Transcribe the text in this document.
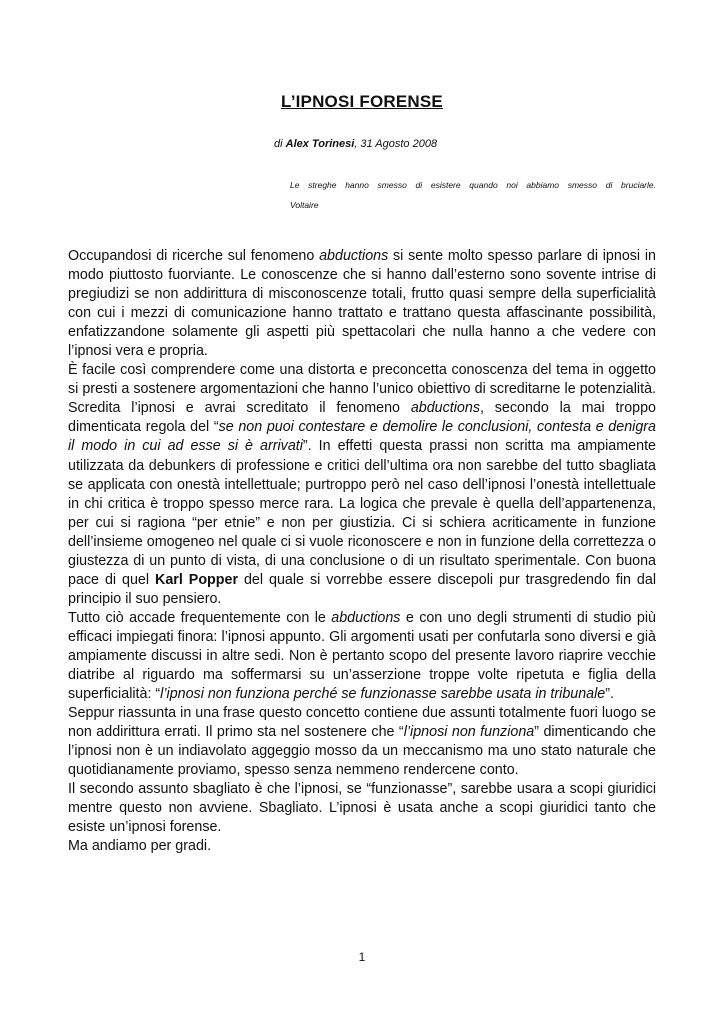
L’IPNOSI FORENSE
di Alex Torinesi, 31 Agosto 2008
Le streghe hanno smesso di esistere quando noi abbiamo smesso di bruciarle.
Voltaire

Occupandosi di ricerche sul fenomeno abductions si sente molto spesso parlare di ipnosi in modo piuttosto fuorviante. Le conoscenze che si hanno dall’esterno sono sovente intrise di pregiudizi se non addirittura di misconoscenze totali, frutto quasi sempre della superficialità con cui i mezzi di comunicazione hanno trattato e trattano questa affascinante possibilità, enfatizzandone solamente gli aspetti più spettacolari che nulla hanno a che vedere con l’ipnosi vera e propria.

È facile così comprendere come una distorta e preconcetta conoscenza del tema in oggetto si presti a sostenere argomentazioni che hanno l’unico obiettivo di screditarne le potenzialità. Scredita l’ipnosi e avrai screditato il fenomeno abductions, secondo la mai troppo dimenticata regola del “se non puoi contestare e demolire le conclusioni, contesta e denigra il modo in cui ad esse si è arrivati”. In effetti questa prassi non scritta ma ampiamente utilizzata da debunkers di professione e critici dell’ultima ora non sarebbe del tutto sbagliata se applicata con onestà intellettuale; purtroppo però nel caso dell’ipnosi l’onestà intellettuale in chi critica è troppo spesso merce rara. La logica che prevale è quella dell’appartenenza, per cui si ragiona “per etnie” e non per giustizia. Ci si schiera acriticamente in funzione dell’insieme omogeneo nel quale ci si vuole riconoscere e non in funzione della correttezza o giustezza di un punto di vista, di una conclusione o di un risultato sperimentale. Con buona pace di quel Karl Popper del quale si vorrebbe essere discepoli pur trasgredendo fin dal principio il suo pensiero.

Tutto ciò accade frequentemente con le abductions e con uno degli strumenti di studio più efficaci impiegati finora: l’ipnosi appunto. Gli argomenti usati per confutarla sono diversi e già ampiamente discussi in altre sedi. Non è pertanto scopo del presente lavoro riaprire vecchie diatribe al riguardo ma soffermarsi su un’asserzione troppe volte ripetuta e figlia della superficialità: “l’ipnosi non funziona perché se funzionasse sarebbe usata in tribunale”.

Seppur riassunta in una frase questo concetto contiene due assunti totalmente fuori luogo se non addirittura errati. Il primo sta nel sostenere che “l’ipnosi non funziona” dimenticando che l’ipnosi non è un indiavolato aggeggio mosso da un meccanismo ma uno stato naturale che quotidianamente proviamo, spesso senza nemmeno rendercene conto.

Il secondo assunto sbagliato è che l’ipnosi, se “funzionasse”, sarebbe usara a scopi giuridici mentre questo non avviene. Sbagliato. L’ipnosi è usata anche a scopi giuridici tanto che esiste un’ipnosi forense.

Ma andiamo per gradi.

1
